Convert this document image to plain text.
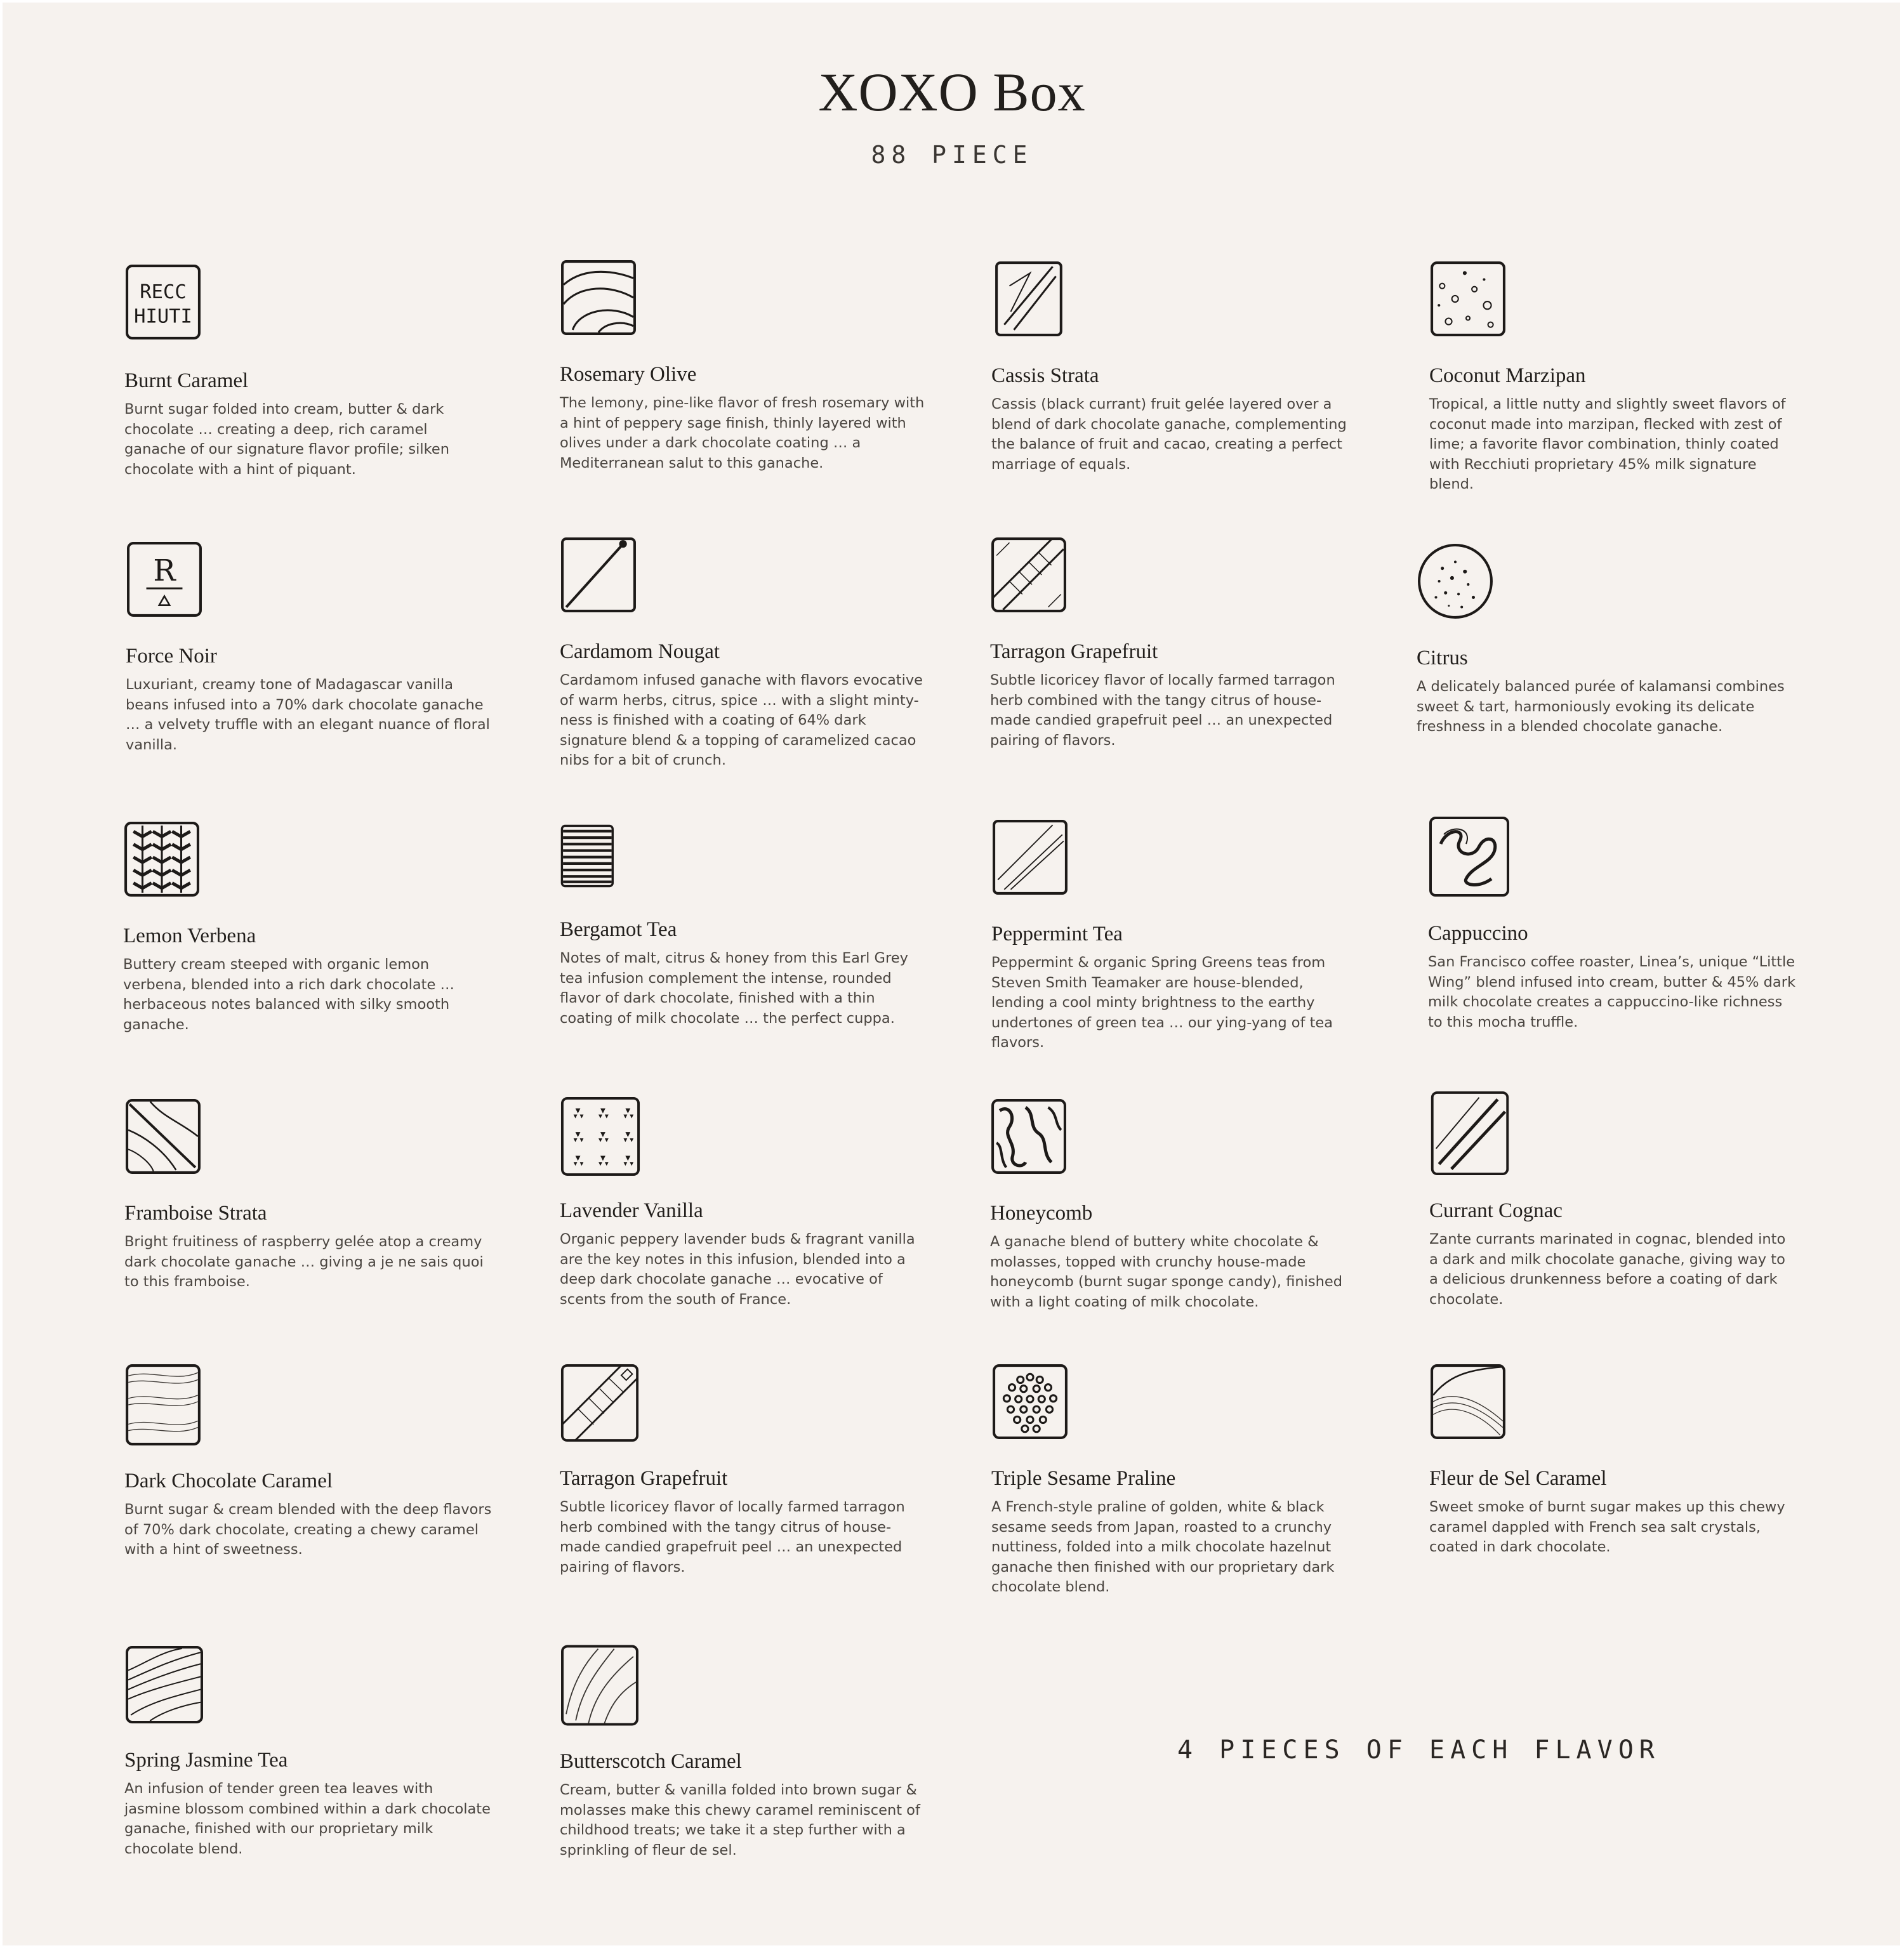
XOXO Box
88 PIECE
RECC
HIUTI
Burnt Caramel
Burnt sugar folded into cream, butter & dark chocolate … creating a deep, rich caramel ganache of our signature flavor profile; silken chocolate with a hint of piquant.
Rosemary Olive
The lemony, pine-like flavor of fresh rosemary with a hint of peppery sage finish, thinly layered with olives under a dark chocolate coating … a Mediterranean salut to this ganache.
Cassis Strata
Cassis (black currant) fruit gelée layered over a blend of dark chocolate ganache, complementing the balance of fruit and cacao, creating a perfect marriage of equals.
Coconut Marzipan
Tropical, a little nutty and slightly sweet flavors of coconut made into marzipan, flecked with zest of lime; a favorite flavor combination, thinly coated with Recchiuti proprietary 45% milk signature blend.
R
Force Noir
Luxuriant, creamy tone of Madagascar vanilla beans infused into a 70% dark chocolate ganache … a velvety truffle with an elegant nuance of floral vanilla.
Cardamom Nougat
Cardamom infused ganache with flavors evocative of warm herbs, citrus, spice … with a slight minty-ness is finished with a coating of 64% dark signature blend & a topping of caramelized cacao nibs for a bit of crunch.
Tarragon Grapefruit
Subtle licoricey flavor of locally farmed tarragon herb combined with the tangy citrus of house-made candied grapefruit peel … an unexpected pairing of flavors.
Citrus
A delicately balanced purée of kalamansi combines sweet & tart, harmoniously evoking its delicate freshness in a blended chocolate ganache.
Lemon Verbena
Buttery cream steeped with organic lemon verbena, blended into a rich dark chocolate … herbaceous notes balanced with silky smooth ganache.
Bergamot Tea
Notes of malt, citrus & honey from this Earl Grey tea infusion complement the intense, rounded flavor of dark chocolate, finished with a thin coating of milk chocolate … the perfect cuppa.
Peppermint Tea
Peppermint & organic Spring Greens teas from Steven Smith Teamaker are house-blended, lending a cool minty brightness to the earthy undertones of green tea … our ying-yang of tea flavors.
Cappuccino
San Francisco coffee roaster, Linea’s, unique “Little Wing” blend infused into cream, butter & 45% dark milk chocolate creates a cappuccino-like richness to this mocha truffle.
Framboise Strata
Bright fruitiness of raspberry gelée atop a creamy dark chocolate ganache … giving a je ne sais quoi to this framboise.
Lavender Vanilla
Organic peppery lavender buds & fragrant vanilla are the key notes in this infusion, blended into a deep dark chocolate ganache … evocative of scents from the south of France.
Honeycomb
A ganache blend of buttery white chocolate & molasses, topped with crunchy house-made honeycomb (burnt sugar sponge candy), finished with a light coating of milk chocolate.
Currant Cognac
Zante currants marinated in cognac, blended into a dark and milk chocolate ganache, giving way to a delicious drunkenness before a coating of dark chocolate.
Dark Chocolate Caramel
Burnt sugar & cream blended with the deep flavors of 70% dark chocolate, creating a chewy caramel with a hint of sweetness.
Tarragon Grapefruit
Subtle licoricey flavor of locally farmed tarragon herb combined with the tangy citrus of house-made candied grapefruit peel … an unexpected pairing of flavors.
Triple Sesame Praline
A French-style praline of golden, white & black sesame seeds from Japan, roasted to a crunchy nuttiness, folded into a milk chocolate hazelnut ganache then finished with our proprietary dark chocolate blend.
Fleur de Sel Caramel
Sweet smoke of burnt sugar makes up this chewy caramel dappled with French sea salt crystals, coated in dark chocolate.
Spring Jasmine Tea
An infusion of tender green tea leaves with jasmine blossom combined within a dark chocolate ganache, finished with our proprietary milk chocolate blend.
Butterscotch Caramel
Cream, butter & vanilla folded into brown sugar & molasses make this chewy caramel reminiscent of childhood treats; we take it a step further with a sprinkling of fleur de sel.
4 PIECES OF EACH FLAVOR
